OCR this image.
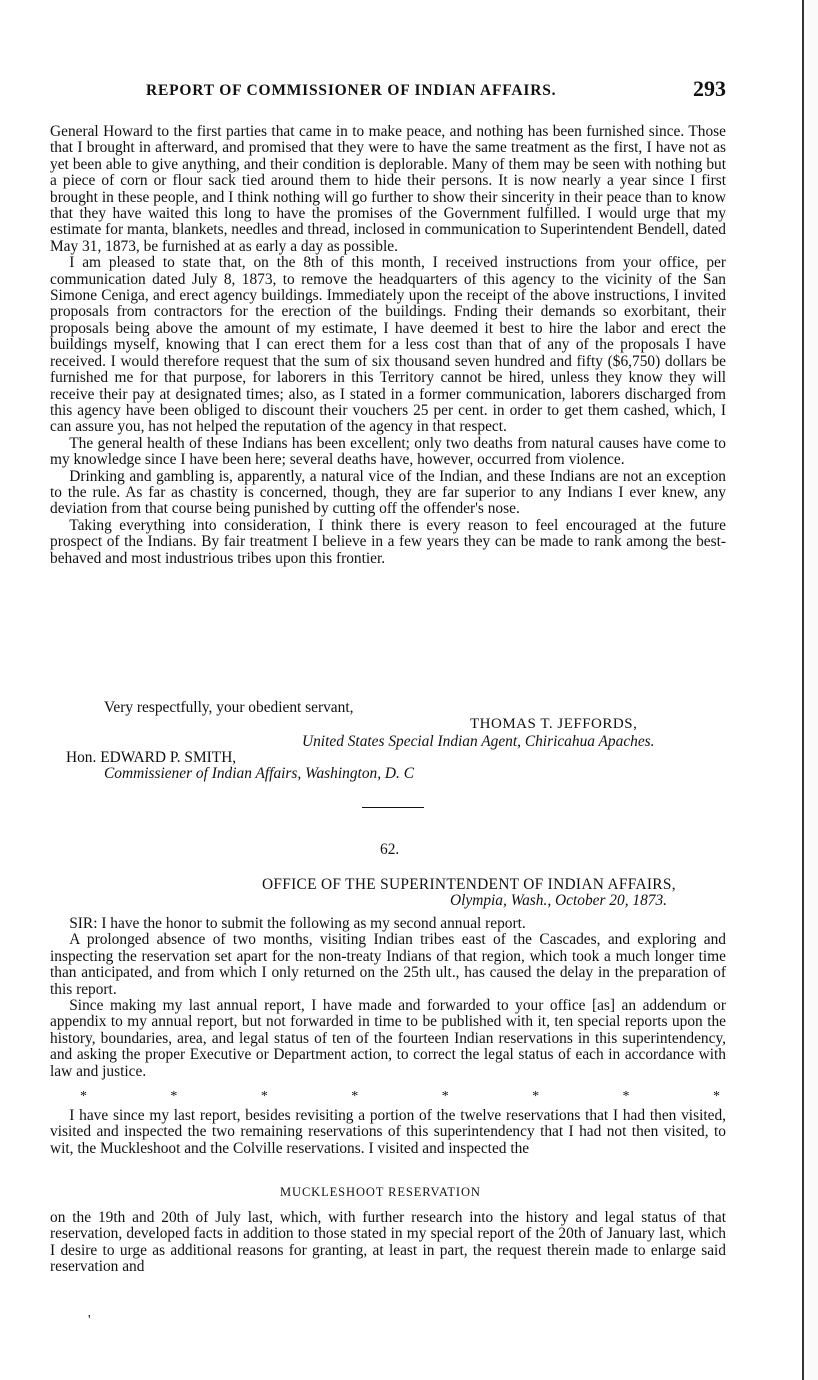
REPORT OF COMMISSIONER OF INDIAN AFFAIRS.	293

General Howard to the first parties that came in to make peace, and nothing has been furnished since. Those that I brought in afterward, and promised that they were to have the same treatment as the first, I have not as yet been able to give anything, and their condition is deplorable. Many of them may be seen with nothing but a piece of corn or flour sack tied around them to hide their persons. It is now nearly a year since I first brought in these people, and I think nothing will go further to show their sincerity in their peace than to know that they have waited this long to have the promises of the Government fulfilled. I would urge that my estimate for manta, blankets, needles and thread, inclosed in communication to Superintendent Bendell, dated May 31, 1873, be furnished at as early a day as possible.

I am pleased to state that, on the 8th of this month, I received instructions from your office, per communication dated July 8, 1873, to remove the headquarters of this agency to the vicinity of the San Simone Ceniga, and erect agency buildings. Immediately upon the receipt of the above instructions, I invited proposals from contractors for the erection of the buildings. Fnding their demands so exorbitant, their proposals being above the amount of my estimate, I have deemed it best to hire the labor and erect the buildings myself, knowing that I can erect them for a less cost than that of any of the proposals I have received. I would therefore request that the sum of six thousand seven hundred and fifty ($6,750) dollars be furnished me for that purpose, for laborers in this Territory cannot be hired, unless they know they will receive their pay at designated times; also, as I stated in a former communication, laborers discharged from this agency have been obliged to discount their vouchers 25 per cent. in order to get them cashed, which, I can assure you, has not helped the reputation of the agency in that respect.

The general health of these Indians has been excellent; only two deaths from natural causes have come to my knowledge since I have been here; several deaths have, however, occurred from violence.

Drinking and gambling is, apparently, a natural vice of the Indian, and these Indians are not an exception to the rule. As far as chastity is concerned, though, they are far superior to any Indians I ever knew, any deviation from that course being punished by cutting off the offender's nose.

Taking everything into consideration, I think there is every reason to feel encouraged at the future prospect of the Indians. By fair treatment I believe in a few years they can be made to rank among the best-behaved and most industrious tribes upon this frontier.

Very respectfully, your obedient servant,
THOMAS T. JEFFORDS,
United States Special Indian Agent, Chiricahua Apaches.
Hon. EDWARD P. SMITH,
Commissiener of Indian Affairs, Washington, D. C
62.
OFFICE OF THE SUPERINTENDENT OF INDIAN AFFAIRS,
Olympia, Wash., October 20, 1873.

SIR: I have the honor to submit the following as my second annual report.

A prolonged absence of two months, visiting Indian tribes east of the Cascades, and exploring and inspecting the reservation set apart for the non-treaty Indians of that region, which took a much longer time than anticipated, and from which I only returned on the 25th ult., has caused the delay in the preparation of this report.

Since making my last annual report, I have made and forwarded to your office [as] an addendum or appendix to my annual report, but not forwarded in time to be published with it, ten special reports upon the history, boundaries, area, and legal status of ten of the fourteen Indian reservations in this superintendency, and asking the proper Executive or Department action, to correct the legal status of each in accordance with law and justice.

*	*	*	*	*	*	*	*

I have since my last report, besides revisiting a portion of the twelve reservations that I had then visited, visited and inspected the two remaining reservations of this superintendency that I had not then visited, to wit, the Muckleshoot and the Colville reservations. I visited and inspected the

MUCKLESHOOT RESERVATION

on the 19th and 20th of July last, which, with further research into the history and legal status of that reservation, developed facts in addition to those stated in my special report of the 20th of January last, which I desire to urge as additional reasons for granting, at least in part, the request therein made to enlarge said reservation and

'
